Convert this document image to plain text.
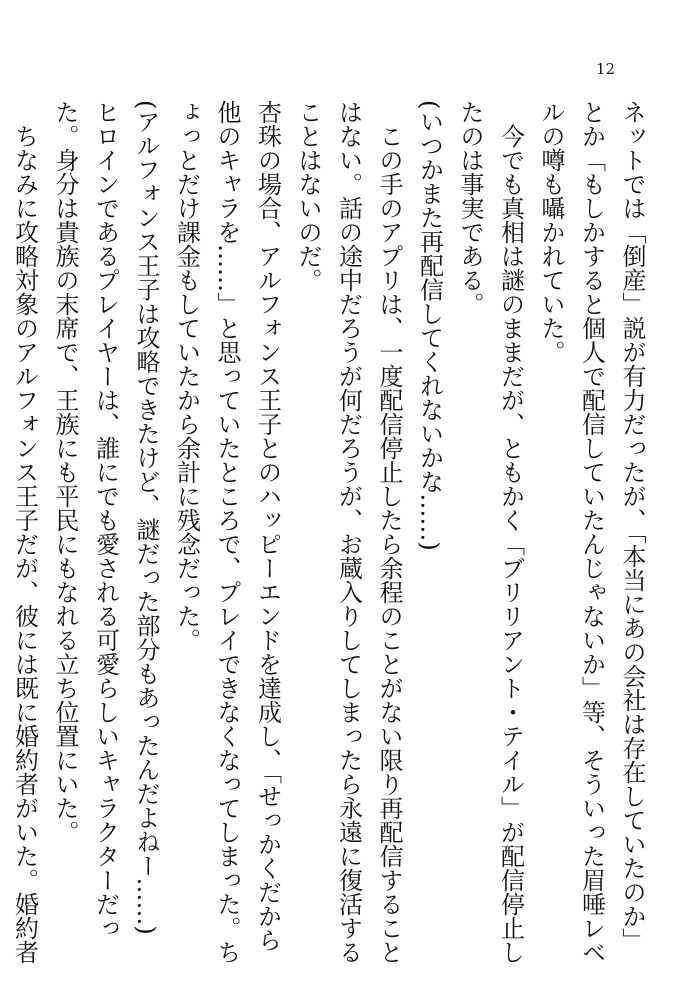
12

ネットでは「倒産」説が有力だったが、「本当にあの会社は存在していたのか」とか「もしかすると個人で配信していたんじゃないか」等、そういった眉唾レベルの噂も囁かれていた。

今でも真相は謎のままだが、ともかく「ブリリアント・テイル」が配信停止したのは事実である。

(いつかまた再配信してくれないかな……)

この手のアプリは、一度配信停止したら余程のことがない限り再配信することはない。話の途中だろうが何だろうが、お蔵入りしてしまったら永遠に復活することはないのだ。

杏珠の場合、アルフォンス王子とのハッピーエンドを達成し、「せっかくだから他のキャラを……」と思っていたところで、プレイできなくなってしまった。ちょっとだけ課金もしていたから余計に残念だった。

(アルフォンス王子は攻略できたけど、謎だった部分もあったんだよねー……)

ヒロインであるプレイヤーは、誰にでも愛される可愛らしいキャラクターだった。身分は貴族の末席で、王族にも平民にもなれる立ち位置にいた。

ちなみに攻略対象のアルフォンス王子だが、彼には既に婚約者がいた。婚約者
